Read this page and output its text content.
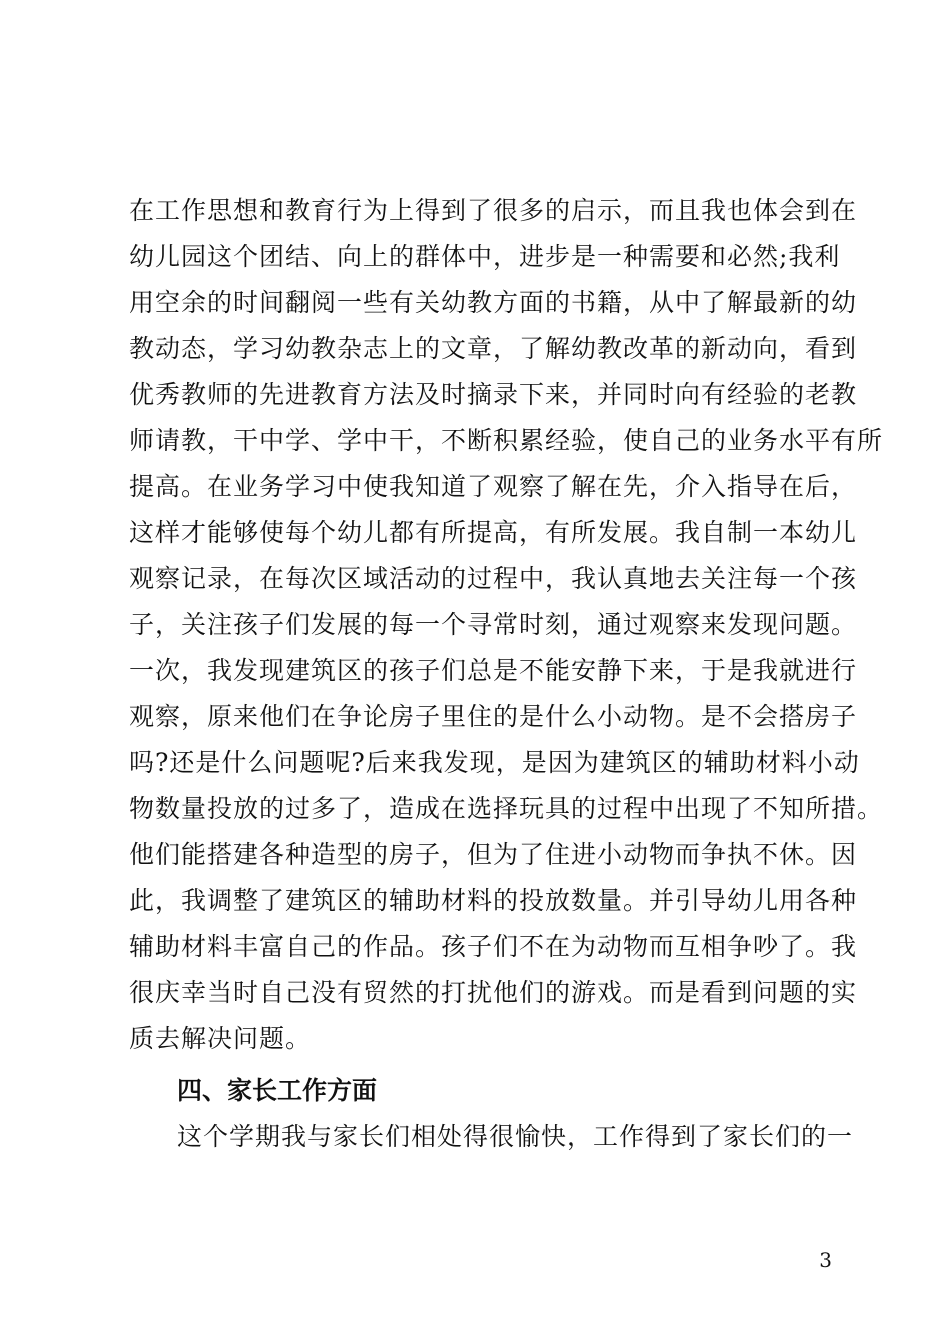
在工作思想和教育行为上得到了很多的启示，而且我也体会到在
幼儿园这个团结、向上的群体中，进步是一种需要和必然;我利
用空余的时间翻阅一些有关幼教方面的书籍，从中了解最新的幼
教动态，学习幼教杂志上的文章，了解幼教改革的新动向，看到
优秀教师的先进教育方法及时摘录下来，并同时向有经验的老教
师请教，干中学、学中干，不断积累经验，使自己的业务水平有所
提高。在业务学习中使我知道了观察了解在先，介入指导在后，
这样才能够使每个幼儿都有所提高，有所发展。我自制一本幼儿
观察记录，在每次区域活动的过程中，我认真地去关注每一个孩
子，关注孩子们发展的每一个寻常时刻，通过观察来发现问题。
一次，我发现建筑区的孩子们总是不能安静下来，于是我就进行
观察，原来他们在争论房子里住的是什么小动物。是不会搭房子
吗?还是什么问题呢?后来我发现，是因为建筑区的辅助材料小动
物数量投放的过多了，造成在选择玩具的过程中出现了不知所措。
他们能搭建各种造型的房子，但为了住进小动物而争执不休。因
此，我调整了建筑区的辅助材料的投放数量。并引导幼儿用各种
辅助材料丰富自己的作品。孩子们不在为动物而互相争吵了。我
很庆幸当时自己没有贸然的打扰他们的游戏。而是看到问题的实
质去解决问题。
四、家长工作方面
这个学期我与家长们相处得很愉快，工作得到了家长们的一
3
